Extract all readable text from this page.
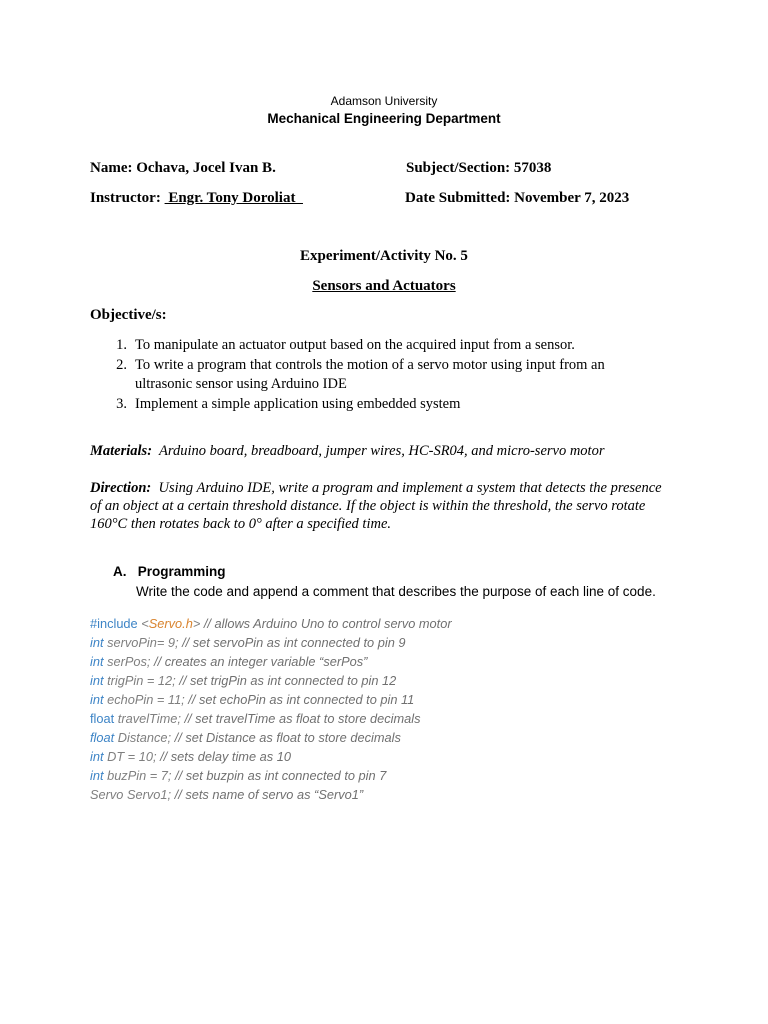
Adamson University
Mechanical Engineering Department
Name: Ochava, Jocel Ivan B.	Subject/Section: 57038
Instructor:  Engr. Tony Doroliat	Date Submitted: November 7, 2023
Experiment/Activity No. 5
Sensors and Actuators
Objective/s:
1. To manipulate an actuator output based on the acquired input from a sensor.
2. To write a program that controls the motion of a servo motor using input from an ultrasonic sensor using Arduino IDE
3. Implement a simple application using embedded system
Materials: Arduino board, breadboard, jumper wires, HC-SR04, and micro-servo motor
Direction: Using Arduino IDE, write a program and implement a system that detects the presence of an object at a certain threshold distance. If the object is within the threshold, the servo rotate 160°C then rotates back to 0° after a specified time.
A.   Programming
Write the code and append a comment that describes the purpose of each line of code.
#include <Servo.h> // allows Arduino Uno to control servo motor
int servoPin= 9; // set servoPin as int connected to pin 9
int serPos; // creates an integer variable “serPos”
int trigPin = 12; // set trigPin as int connected to pin 12
int echoPin = 11; // set echoPin as int connected to pin 11
float travelTime; // set travelTime as float to store decimals
float Distance; // set Distance as float to store decimals
int DT = 10; // sets delay time as 10
int buzPin = 7; // set buzpin as int connected to pin 7
Servo Servo1; // sets name of servo as “Servo1”
